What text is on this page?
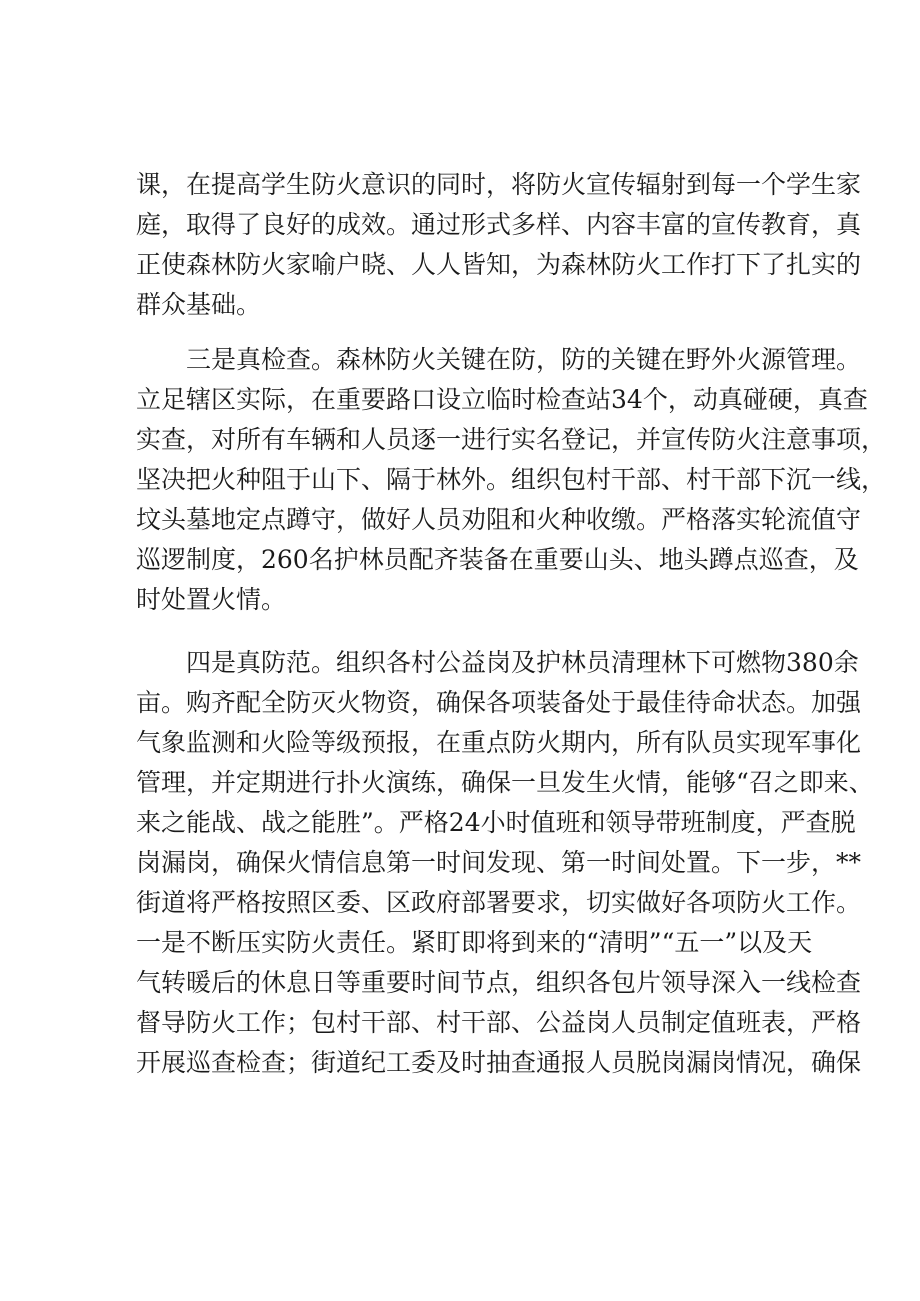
课，在提高学生防火意识的同时，将防火宣传辐射到每一个学生家
庭，取得了良好的成效。通过形式多样、内容丰富的宣传教育，真
正使森林防火家喻户晓、人人皆知，为森林防火工作打下了扎实的
群众基础。
三是真检查。森林防火关键在防，防的关键在野外火源管理。
立足辖区实际，在重要路口设立临时检查站34个，动真碰硬，真查
实查，对所有车辆和人员逐一进行实名登记，并宣传防火注意事项，
坚决把火种阻于山下、隔于林外。组织包村干部、村干部下沉一线，
坟头墓地定点蹲守，做好人员劝阻和火种收缴。严格落实轮流值守
巡逻制度，260名护林员配齐装备在重要山头、地头蹲点巡查，及
时处置火情。
四是真防范。组织各村公益岗及护林员清理林下可燃物380余
亩。购齐配全防灭火物资，确保各项装备处于最佳待命状态。加强
气象监测和火险等级预报，在重点防火期内，所有队员实现军事化
管理，并定期进行扑火演练，确保一旦发生火情，能够“召之即来、
来之能战、战之能胜”。严格24小时值班和领导带班制度，严查脱
岗漏岗，确保火情信息第一时间发现、第一时间处置。下一步，**
街道将严格按照区委、区政府部署要求，切实做好各项防火工作。
一是不断压实防火责任。紧盯即将到来的“清明”“五一”以及天
气转暖后的休息日等重要时间节点，组织各包片领导深入一线检查
督导防火工作；包村干部、村干部、公益岗人员制定值班表，严格
开展巡查检查；街道纪工委及时抽查通报人员脱岗漏岗情况，确保
